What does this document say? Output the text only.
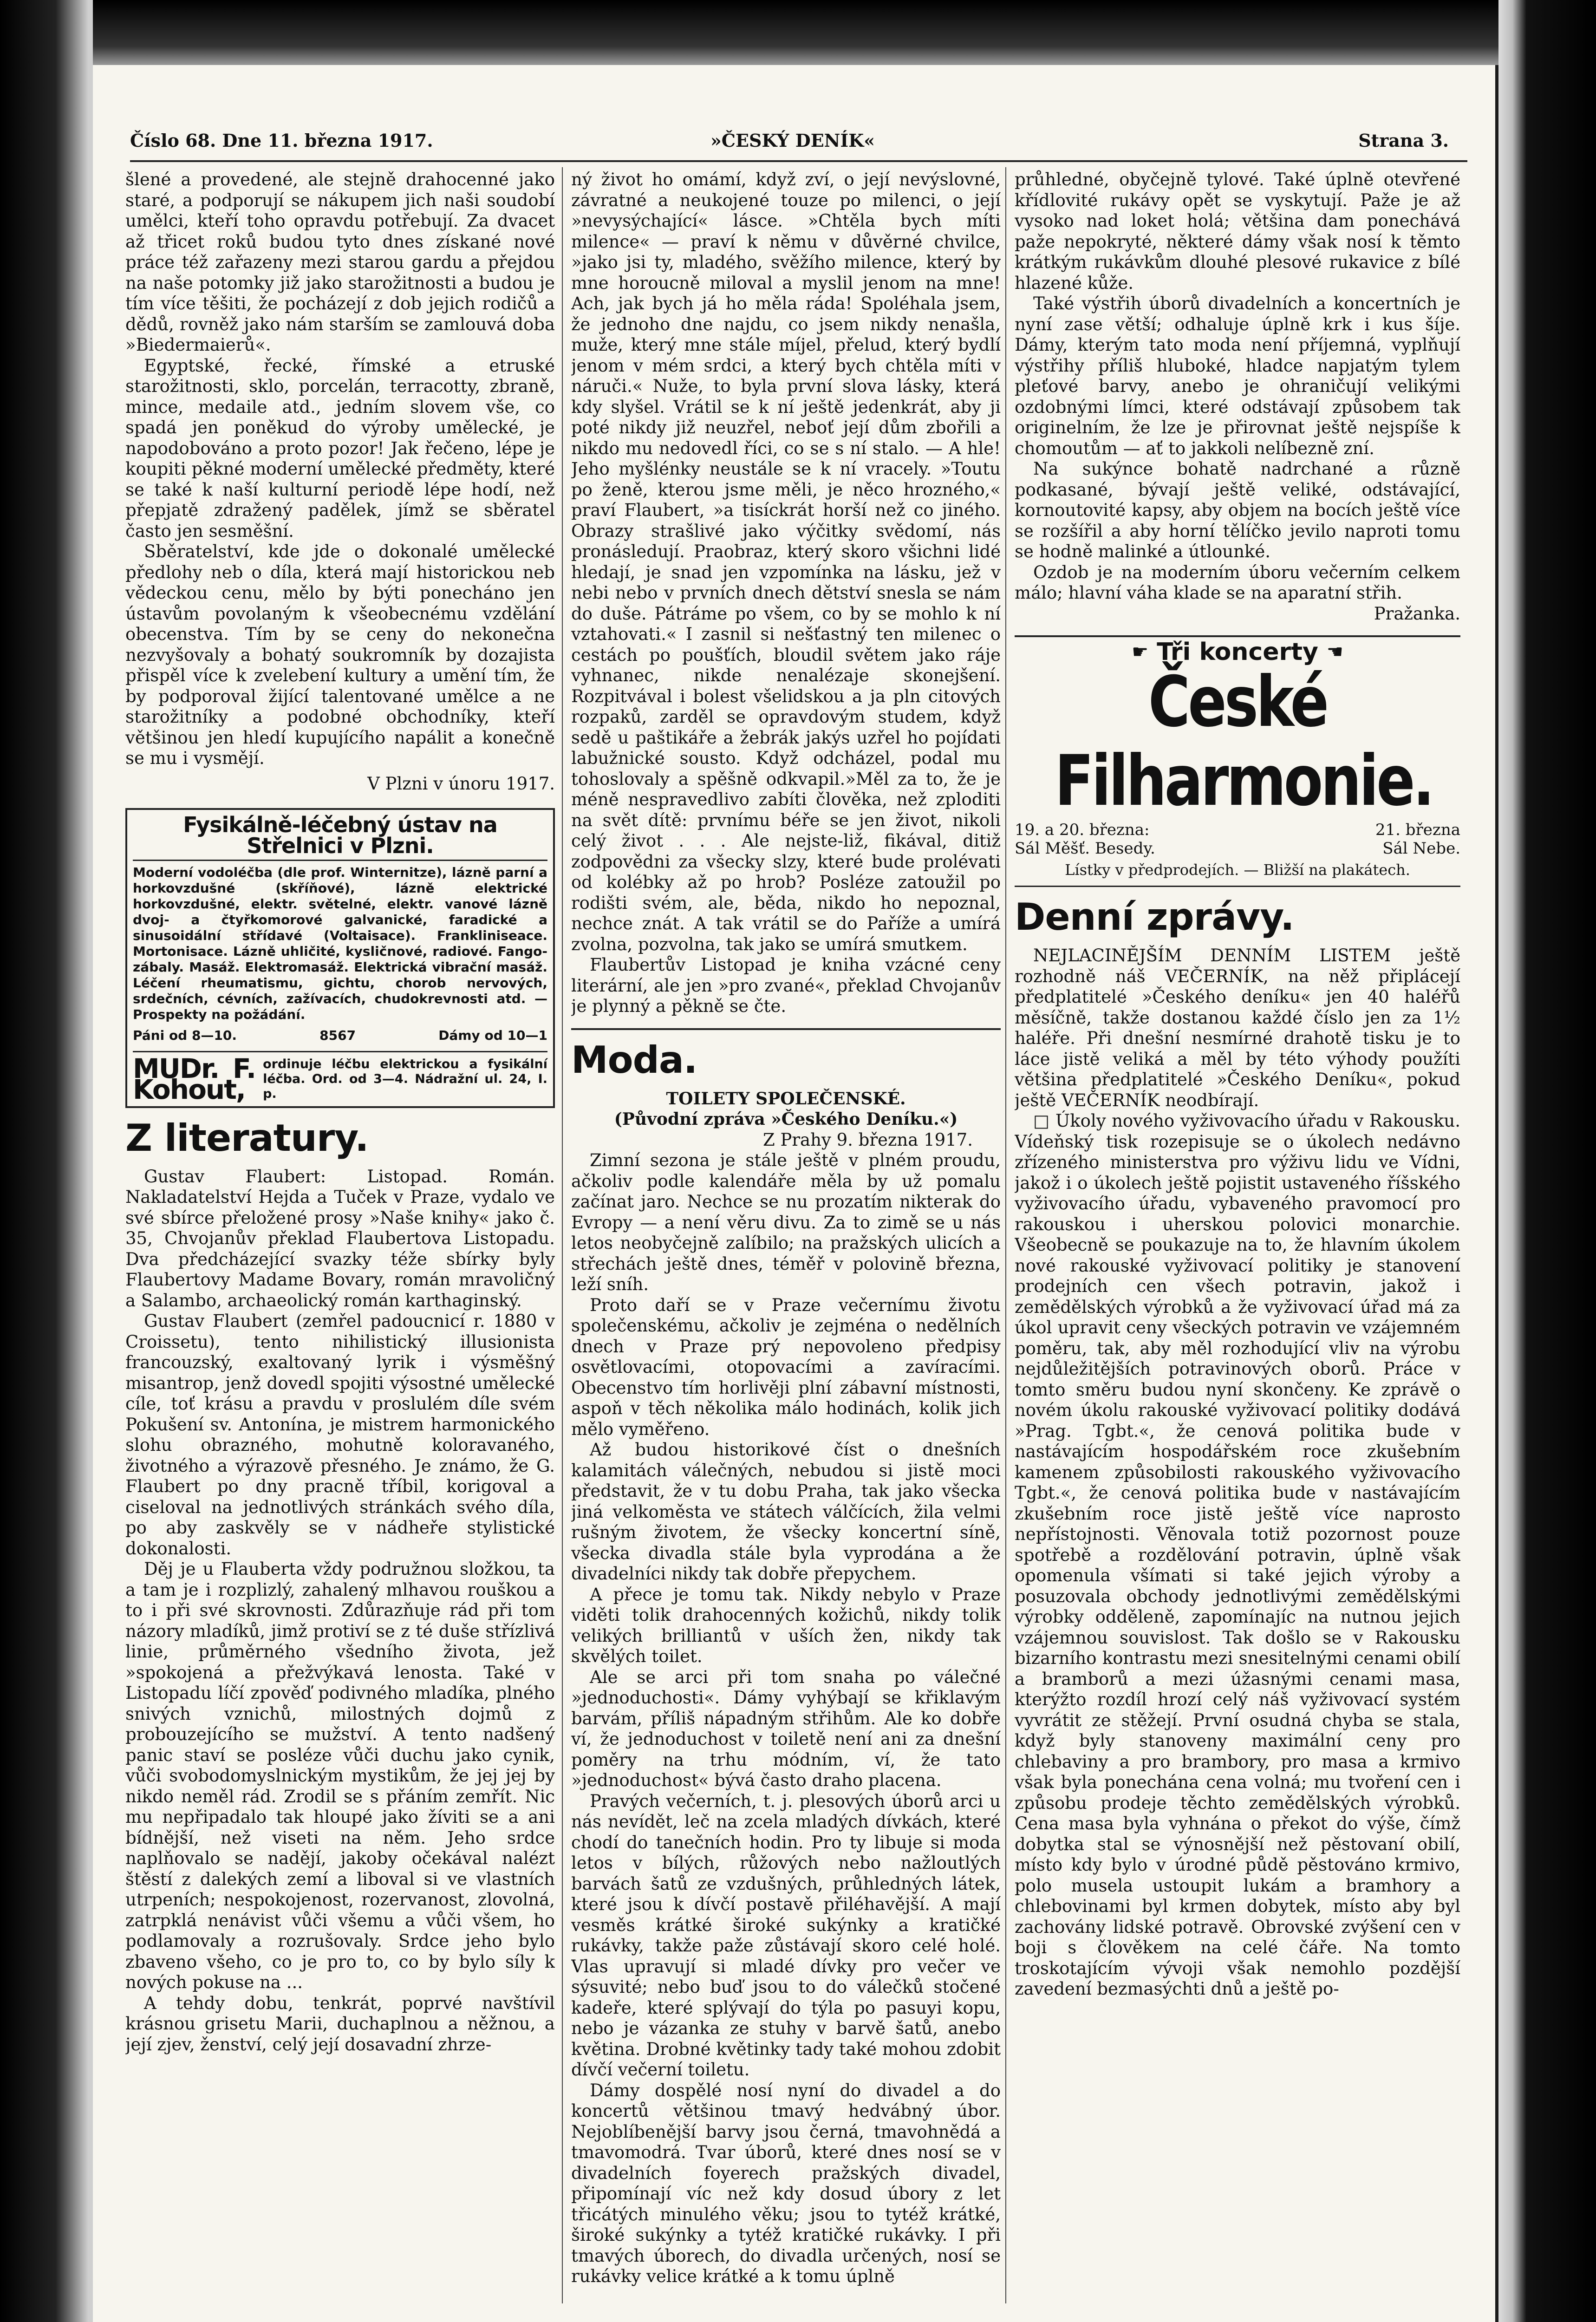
Číslo 68. Dne 11. března 1917.	»ČESKÝ DENÍK«	Strana 3.

šlené a provedené, ale stejně drahocenné jako staré, a podporují se nákupem jich naši soudobí umělci, kteří toho opravdu potřebují. Za dvacet až třicet roků budou tyto dnes získané nové práce též zařazeny mezi starou gardu a přejdou na naše potomky již jako starožitnosti a budou je tím více těšiti, že pocházejí z dob jejich rodičů a dědů, rovněž jako nám starším se zamlouvá doba »Biedermaierů«.

Egyptské, řecké, římské a etruské starožitnosti, sklo, porcelán, terracotty, zbraně, mince, medaile atd., jedním slovem vše, co spadá jen poněkud do výroby umělecké, je napodobováno a proto pozor! Jak řečeno, lépe je koupiti pěkné moderní umělecké předměty, které se také k naší kulturní periodě lépe hodí, než přepjatě zdražený padělek, jímž se sběratel často jen sesměšní.

Sběratelství, kde jde o dokonalé umělecké předlohy neb o díla, která mají historickou neb vědeckou cenu, mělo by býti ponecháno jen ústavům povolaným k všeobecnému vzdělání obecenstva. Tím by se ceny do nekonečna nezvyšovaly a bohatý soukromník by dozajista přispěl více k zvelebení kultury a umění tím, že by podporoval žijící talentované umělce a ne starožitníky a podobné obchodníky, kteří většinou jen hledí kupujícího napálit a konečně se mu i vysmějí.

V Plzni v únoru 1917.

Fysikálně-léčebný ústav na Střelnici v Plzni.
Moderní vodoléčba (dle prof. Winternitze), lázně parní a horkovzdušné (skříňové), lázně elektrické horkovzdušné, elektr. světelné, elektr. vanové lázně dvoj- a čtyřkomorové galvanické, faradické a sinusoidální střídavé (Voltaisace). Frankliniseace. Mortonisace. Lázně uhličité, kysličnové, radiové. Fango-zábaly. Masáž. Elektromasáž. Elektrická vibrační masáž. Léčení rheumatismu, gichtu, chorob nervových, srdečních, cévních, zažívacích, chudokrevnosti atd. — Prospekty na požádání.
Páni od 8—10.	8567	Dámy od 10—1
MUDr. F. Kohout,
ordinuje léčbu elektrickou a fysikální léčba. Ord. od 3—4. Nádražní ul. 24, I. p.
Z literatury.

Gustav Flaubert: Listopad. Román. Nakladatelství Hejda a Tuček v Praze, vydalo ve své sbírce přeložené prosy »Naše knihy« jako č. 35, Chvojanův překlad Flaubertova Listopadu. Dva předcházející svazky téže sbírky byly Flaubertovy Madame Bovary, román mravoličný a Salambo, archaeolický román karthaginský.

Gustav Flaubert (zemřel padoucnicí r. 1880 v Croissetu), tento nihilistický illusionista francouzský, exaltovaný lyrik i výsměšný misantrop, jenž dovedl spojiti výsostné umělecké cíle, toť krásu a pravdu v proslulém díle svém Pokušení sv. Antonína, je mistrem harmonického slohu obrazného, mohutně koloravaného, životného a výrazově přesného. Je známo, že G. Flaubert po dny pracně tříbil, korigoval a ciseloval na jednotlivých stránkách svého díla, po aby zaskvěly se v nádheře stylistické dokonalosti.

Děj je u Flauberta vždy podružnou složkou, ta a tam je i rozplizlý, zahalený mlhavou rouškou a to i při své skrovnosti. Zdůrazňuje rád při tom názory mladíků, jimž protiví se z té duše střízlivá linie, průměrného všedního života, jež »spokojená a přežvýkavá lenosta. Také v Listopadu líčí zpověď podivného mladíka, plného snivých vznichů, milostných dojmů z probouzejícího se mužství. A tento nadšený panic staví se posléze vůči duchu jako cynik, vůči svobodomyslnickým mystikům, že jej jej by nikdo neměl rád. Zrodil se s přáním zemřít. Nic mu nepřipadalo tak hloupé jako žíviti se a ani bídnější, než viseti na něm. Jeho srdce naplňovalo se nadějí, jakoby očekával nalézt štěstí z dalekých zemí a liboval si ve vlastních utrpeních; nespokojenost, rozervanost, zlovolná, zatrpklá nenávist vůči všemu a vůči všem, ho podlamovaly a rozrušovaly. Srdce jeho bylo zbaveno všeho, co je pro to, co by bylo síly k nových pokuse na ...

A tehdy dobu, tenkrát, poprvé navštívil krásnou grisetu Marii, duchaplnou a něžnou, a její zjev, ženství, celý její dosavadní zhrze-

ný život ho omámí, když zví, o její nevýslovné, závratné a neukojené touze po milenci, o její »nevysýchající« lásce. »Chtěla bych míti milence« — praví k němu v důvěrné chvilce, »jako jsi ty, mladého, svěžího milence, který by mne horoucně miloval a myslil jenom na mne! Ach, jak bych já ho měla ráda! Spoléhala jsem, že jednoho dne najdu, co jsem nikdy nenašla, muže, který mne stále míjel, přelud, který bydlí jenom v mém srdci, a který bych chtěla míti v náruči.« Nuže, to byla první slova lásky, která kdy slyšel. Vrátil se k ní ještě jedenkrát, aby ji poté nikdy již neuzřel, neboť její dům zbořili a nikdo mu nedovedl říci, co se s ní stalo. — A hle! Jeho myšlénky neustále se k ní vracely. »Toutu po ženě, kterou jsme měli, je něco hrozného,« praví Flaubert, »a tisíckrát horší než co jiného. Obrazy strašlivé jako výčitky svědomí, nás pronásledují. Praobraz, který skoro všichni lidé hledají, je snad jen vzpomínka na lásku, jež v nebi nebo v prvních dnech dětství snesla se nám do duše. Pátráme po všem, co by se mohlo k ní vztahovati.« I zasnil si nešťastný ten milenec o cestách po poušťích, bloudil světem jako ráje vyhnanec, nikde nenalézaje skonejšení. Rozpitvával i bolest všelidskou a ja pln citových rozpaků, zarděl se opravdovým studem, když sedě u paštikáře a žebrák jakýs uzřel ho pojídati labužnické sousto. Když odcházel, podal mu tohoslovaly a spěšně odkvapil.»Měl za to, že je méně nespravedlivo zabíti člověka, než zploditi na svět dítě: prvnímu béře se jen život, nikoli celý život . . . Ale nejste-liž, fikával, ditiž zodpovědni za všecky slzy, které bude prolévati od kolébky až po hrob? Posléze zatoužil po rodišti svém, ale, běda, nikdo ho nepoznal, nechce znát. A tak vrátil se do Paříže a umírá zvolna, pozvolna, tak jako se umírá smutkem.

Flaubertův Listopad je kniha vzácné ceny literární, ale jen »pro zvané«, překlad Chvojanův je plynný a pěkně se čte.

Moda.
TOILETY SPOLEČENSKÉ.
(Původní zpráva »Českého Deníku.«)
Z Prahy 9. března 1917.

Zimní sezona je stále ještě v plném proudu, ačkoliv podle kalendáře měla by už pomalu začínat jaro. Nechce se nu prozatím nikterak do Evropy — a není věru divu. Za to zimě se u nás letos neobyčejně zalíbilo; na pražských ulicích a střechách ještě dnes, téměř v polovině března, leží sníh.

Proto daří se v Praze večernímu životu společenskému, ačkoliv je zejména o nedělních dnech v Praze prý nepovoleno předpisy osvětlovacími, otopovacími a zavíracími. Obecenstvo tím horlivěji plní zábavní místnosti, aspoň v těch několika málo hodinách, kolik jich mělo vyměřeno.

Až budou historikové číst o dnešních kalamitách válečných, nebudou si jistě moci představit, že v tu dobu Praha, tak jako všecka jiná velkoměsta ve státech válčících, žila velmi rušným životem, že všecky koncertní síně, všecka divadla stále byla vyprodána a že divadelníci nikdy tak dobře přepychem.

A přece je tomu tak. Nikdy nebylo v Praze viděti tolik drahocenných kožichů, nikdy tolik velikých brilliantů v uších žen, nikdy tak skvělých toilet.

Ale se arci při tom snaha po válečné »jednoduchosti«. Dámy vyhýbají se křiklavým barvám, příliš nápadným střihům. Ale ko dobře ví, že jednoduchost v toiletě není ani za dnešní poměry na trhu módním, ví, že tato »jednoduchost« bývá často draho placena.

Pravých večerních, t. j. plesových úborů arci u nás nevídět, leč na zcela mladých dívkách, které chodí do tanečních hodin. Pro ty libuje si moda letos v bílých, růžových nebo nažloutlých barvách šatů ze vzdušných, průhledných látek, které jsou k dívčí postavě přiléhavější. A mají vesměs krátké široké sukýnky a kratičké rukávky, takže paže zůstávají skoro celé holé. Vlas upravují si mladé dívky pro večer ve sýsuvité; nebo buď jsou to do válečků stočené kadeře, které splývají do týla po pasuyi kopu, nebo je vázanka ze stuhy v barvě šatů, anebo květina. Drobné květinky tady také mohou zdobit dívčí večerní toiletu.

Dámy dospělé nosí nyní do divadel a do koncertů většinou tmavý hedvábný úbor. Nejoblíbenější barvy jsou černá, tmavohnědá a tmavomodrá. Tvar úborů, které dnes nosí se v divadelních foyerech pražských divadel, připomínají víc než kdy dosud úbory z let třicátých minulého věku; jsou to tytéž krátké, široké sukýnky a tytéž kratičké rukávky. I při tmavých úborech, do divadla určených, nosí se rukávky velice krátké a k tomu úplně

průhledné, obyčejně tylové. Také úplně otevřené křídlovité rukávy opět se vyskytují. Paže je až vysoko nad loket holá; většina dam ponechává paže nepokryté, některé dámy však nosí k těmto krátkým rukávkům dlouhé plesové rukavice z bílé hlazené kůže.

Také výstřih úborů divadelních a koncertních je nyní zase větší; odhaluje úplně krk i kus šíje. Dámy, kterým tato moda není příjemná, vyplňují výstřihy příliš hluboké, hladce napjatým tylem pleťové barvy, anebo je ohraničují velikými ozdobnými límci, které odstávají způsobem tak originelním, že lze je přirovnat ještě nejspíše k chomoutům — ať to jakkoli nelíbezně zní.

Na sukýnce bohatě nadrchané a různě podkasané, bývají ještě veliké, odstávající, kornoutovité kapsy, aby objem na bocích ještě více se rozšířil a aby horní tělíčko jevilo naproti tomu se hodně malinké a útlounké.

Ozdob je na moderním úboru večerním celkem málo; hlavní váha klade se na aparatní střih.

Pražanka.

☛ Tři koncerty ☚
České Filharmonie.
19. a 20. března:	21. března
Sál Měšť. Besedy.	Sál Nebe.
Lístky v předprodejích. — Bližší na plakátech.
Denní zprávy.

NEJLACINĚJŠÍM DENNÍM LISTEM ještě rozhodně náš VEČERNÍK, na něž připlácejí předplatitelé »Českého deníku« jen 40 haléřů měsíčně, takže dostanou každé číslo jen za 1½ haléře. Při dnešní nesmírné drahotě tisku je to láce jistě veliká a měl by této výhody použíti většina předplatitelé »Českého Deníku«, pokud ještě VEČERNÍK neodbírají.

□ Úkoly nového vyživovacího úřadu v Rakousku. Vídeňský tisk rozepisuje se o úkolech nedávno zřízeného ministerstva pro výživu lidu ve Vídni, jakož i o úkolech ještě pojistit ustaveného říšského vyživovacího úřadu, vybaveného pravomocí pro rakouskou i uherskou polovici monarchie. Všeobecně se poukazuje na to, že hlavním úkolem nové rakouské vyživovací politiky je stanovení prodejních cen všech potravin, jakož i zemědělských výrobků a že vyživovací úřad má za úkol upravit ceny všeckých potravin ve vzájemném poměru, tak, aby měl rozhodující vliv na výrobu nejdůležitějších potravinových oborů. Práce v tomto směru budou nyní skončeny. Ke zprávě o novém úkolu rakouské vyživovací politiky dodává »Prag. Tgbt.«, že cenová politika bude v nastávajícím hospodářském roce zkušebním kamenem způsobilosti rakouského vyživovacího Tgbt.«, že cenová politika bude v nastávajícím zkušebním roce jistě ještě více naprosto nepřístojnosti. Věnovala totiž pozornost pouze spotřebě a rozdělování potravin, úplně však opomenula všímati si také jejich výroby a posuzovala obchody jednotlivými zemědělskými výrobky odděleně, zapomínajíc na nutnou jejich vzájemnou souvislost. Tak došlo se v Rakousku bizarního kontrastu mezi snesitelnými cenami obilí a bramborů a mezi úžasnými cenami masa, kterýžto rozdíl hrozí celý náš vyživovací systém vyvrátit ze stěžejí. První osudná chyba se stala, když byly stanoveny maximální ceny pro chlebaviny a pro brambory, pro masa a krmivo však byla ponechána cena volná; mu tvoření cen i způsobu prodeje těchto zemědělských výrobků. Cena masa byla vyhnána o překot do výše, čímž dobytka stal se výnosnější než pěstovaní obilí, místo kdy bylo v úrodné půdě pěstováno krmivo, polo musela ustoupit lukám a bramhory a chlebovinami byl krmen dobytek, místo aby byl zachovány lidské potravě. Obrovské zvýšení cen v boji s člověkem na celé čáře. Na tomto troskotajícím vývoji však nemohlo pozdější zavedení bezmasýchti dnů a ještě po-
